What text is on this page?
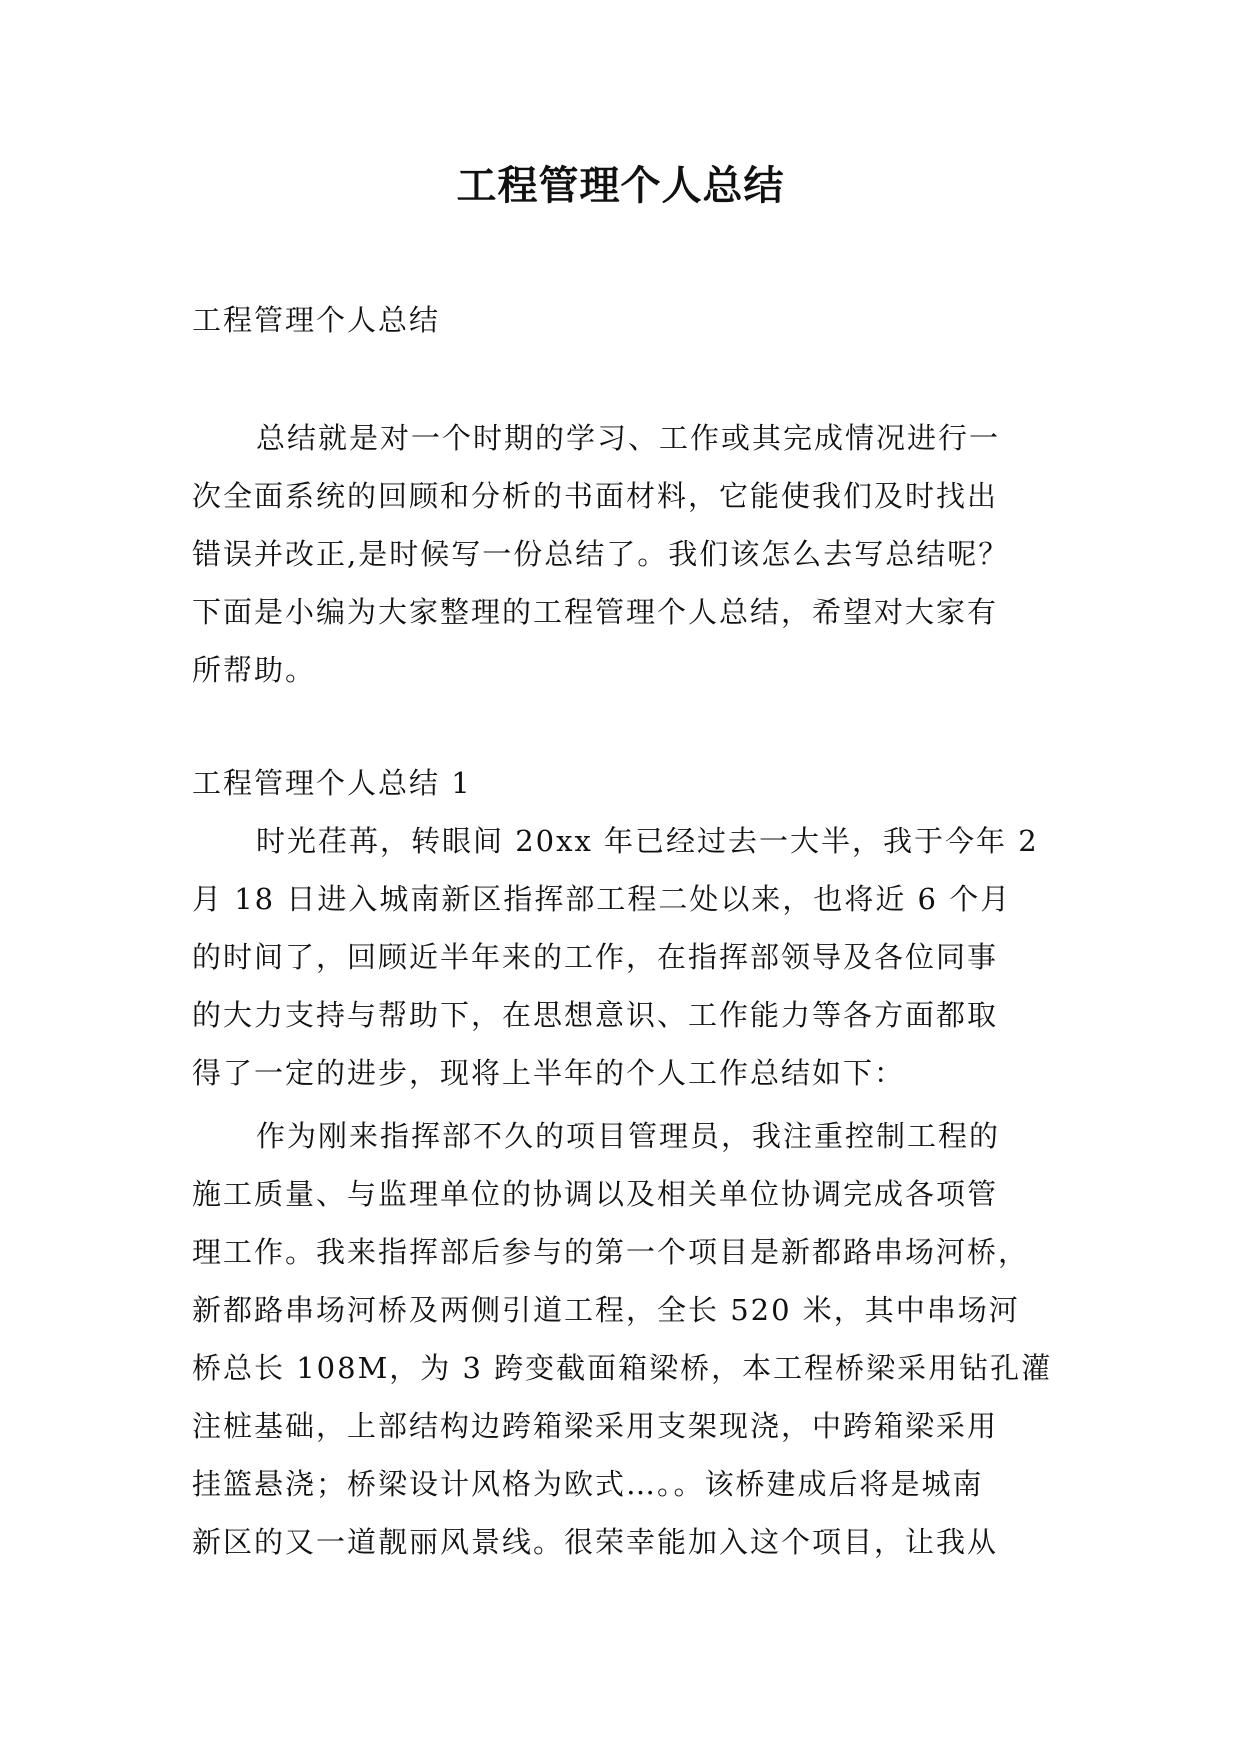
工程管理个人总结
工程管理个人总结
总结就是对一个时期的学习、工作或其完成情况进行一
次全面系统的回顾和分析的书面材料，它能使我们及时找出
错误并改正,是时候写一份总结了。我们该怎么去写总结呢？
下面是小编为大家整理的工程管理个人总结，希望对大家有
所帮助。
工程管理个人总结 1
时光荏苒，转眼间 20xx 年已经过去一大半，我于今年 2
月 18 日进入城南新区指挥部工程二处以来，也将近 6 个月
的时间了，回顾近半年来的工作，在指挥部领导及各位同事
的大力支持与帮助下，在思想意识、工作能力等各方面都取
得了一定的进步，现将上半年的个人工作总结如下：
作为刚来指挥部不久的项目管理员，我注重控制工程的
施工质量、与监理单位的协调以及相关单位协调完成各项管
理工作。我来指挥部后参与的第一个项目是新都路串场河桥，
新都路串场河桥及两侧引道工程，全长 520 米，其中串场河
桥总长 108M，为 3 跨变截面箱梁桥，本工程桥梁采用钻孔灌
注桩基础，上部结构边跨箱梁采用支架现浇，中跨箱梁采用
挂篮悬浇；桥梁设计风格为欧式…。。该桥建成后将是城南
新区的又一道靓丽风景线。很荣幸能加入这个项目，让我从
